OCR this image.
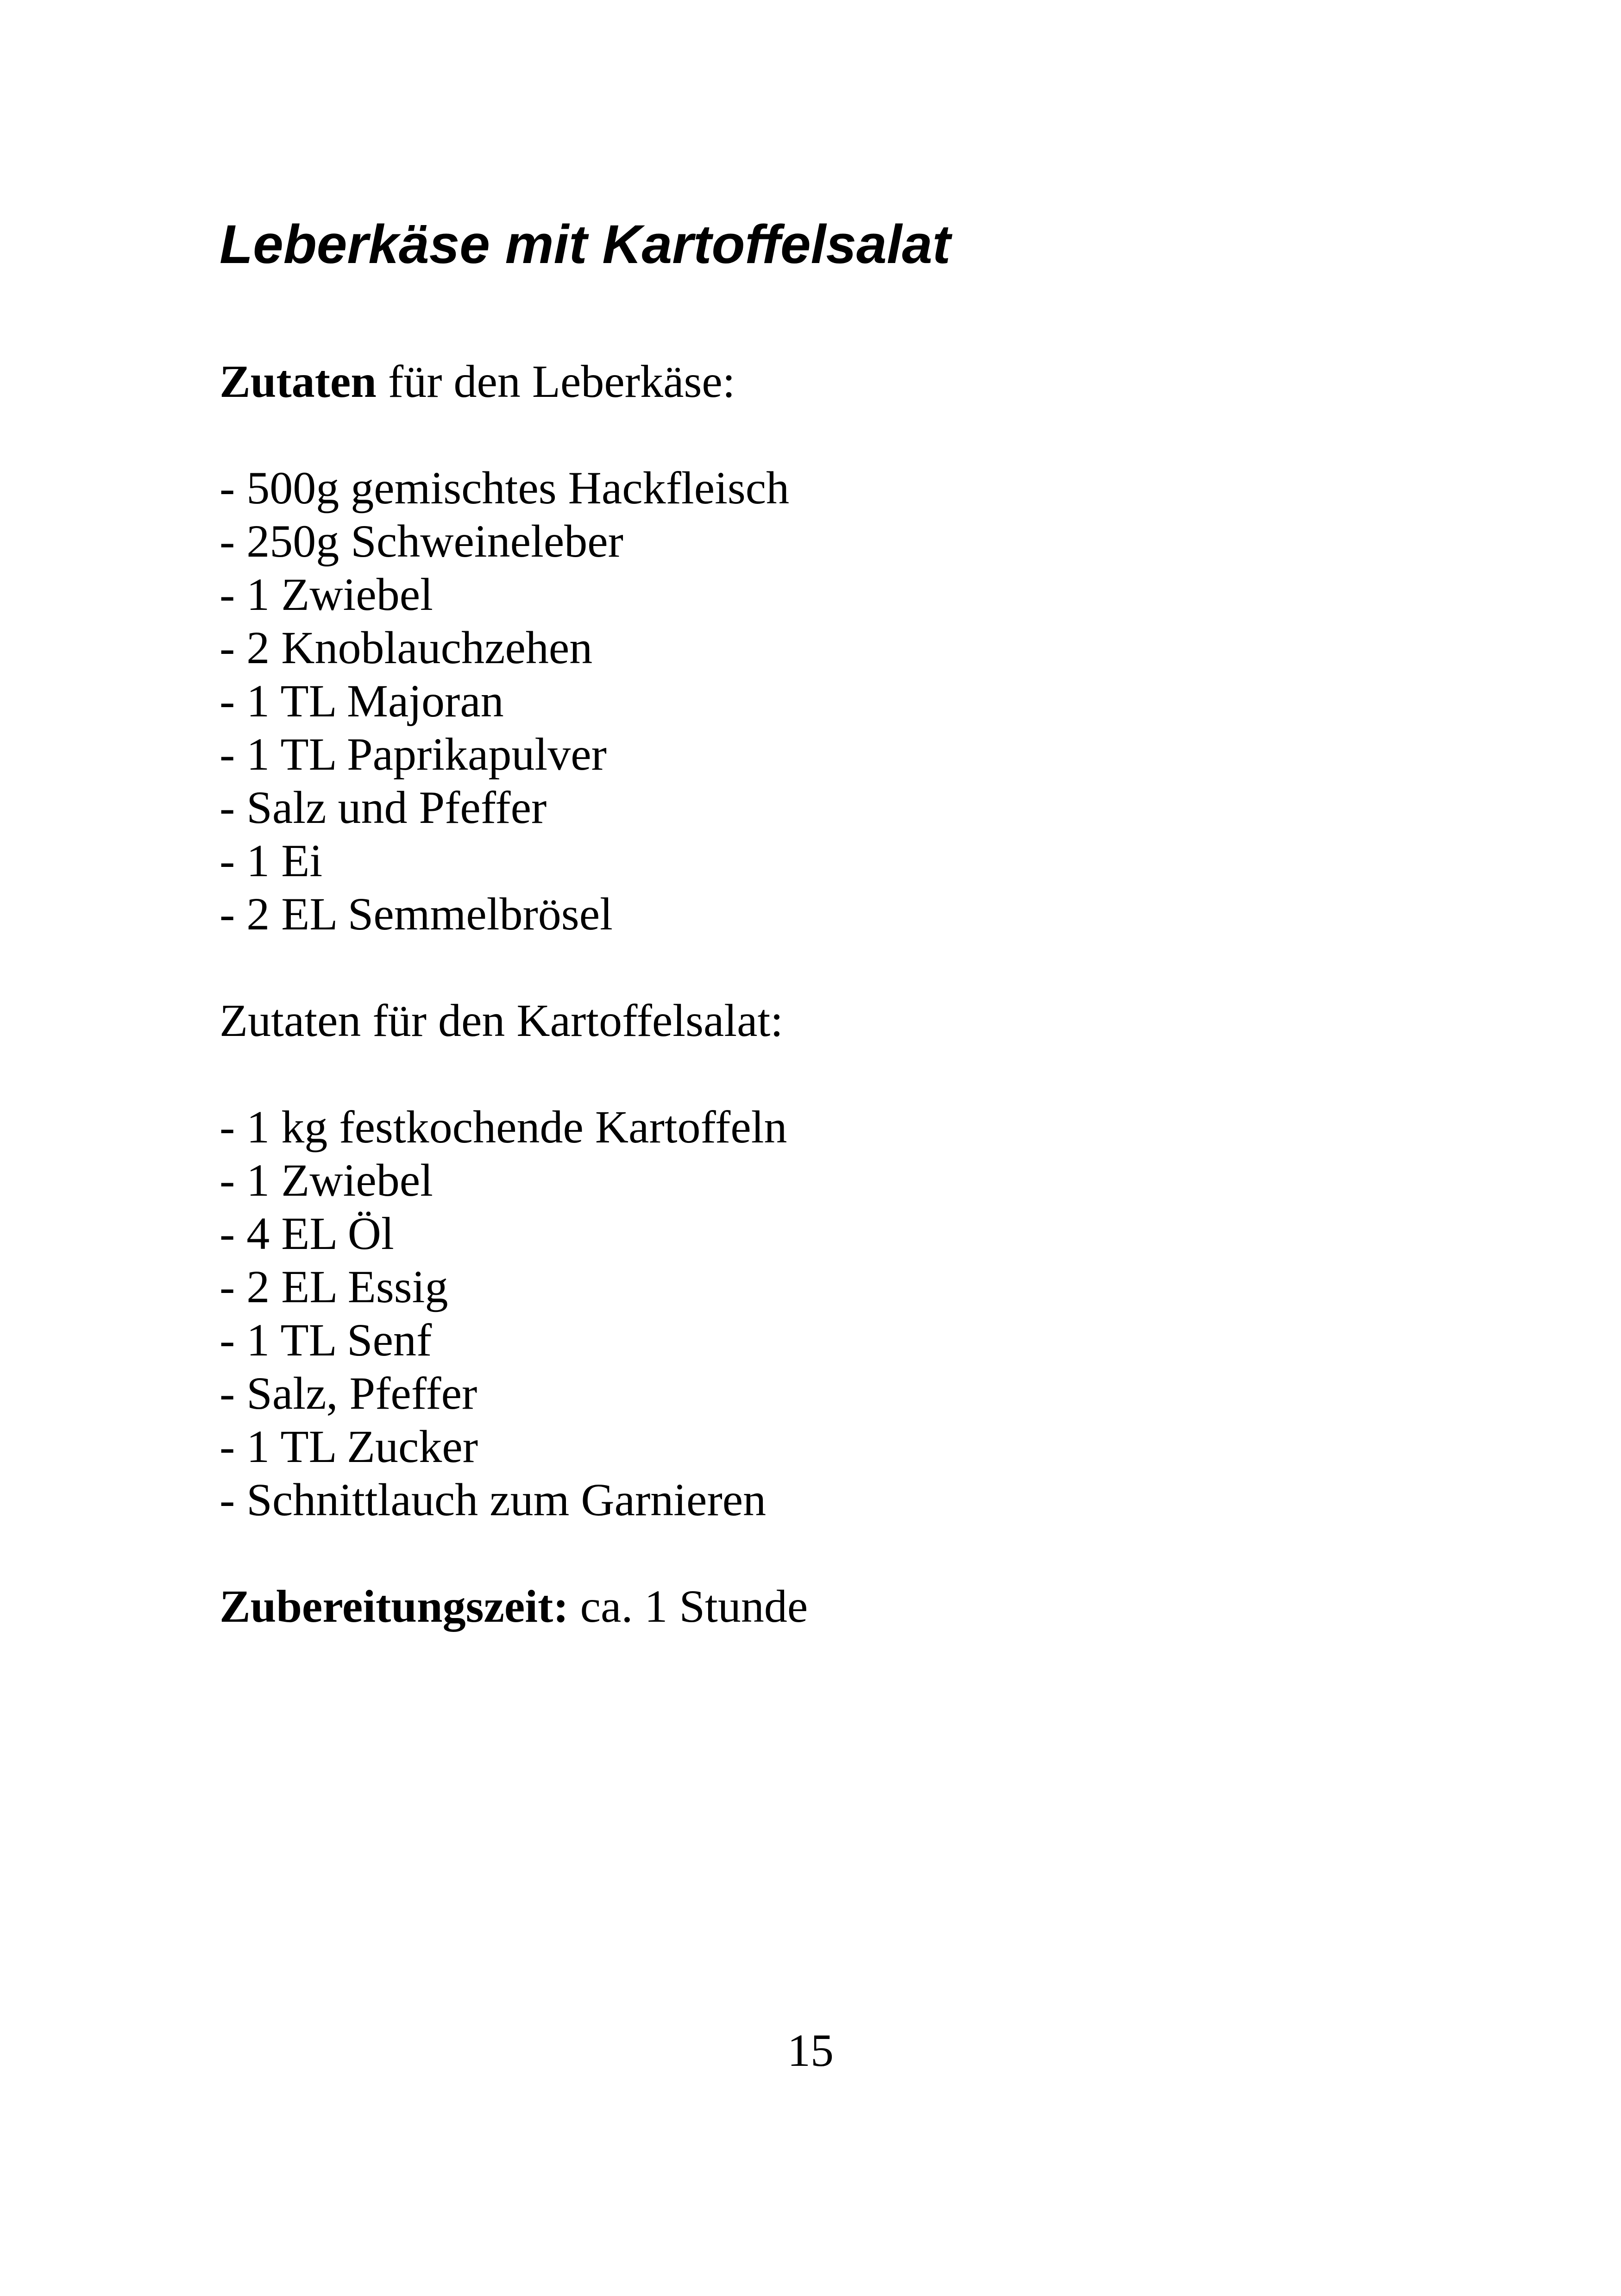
Leberkäse mit Kartoffelsalat
Zutaten für den Leberkäse:
- 500g gemischtes Hackfleisch
- 250g Schweineleber
- 1 Zwiebel
- 2 Knoblauchzehen
- 1 TL Majoran
- 1 TL Paprikapulver
- Salz und Pfeffer
- 1 Ei
- 2 EL Semmelbrösel
Zutaten für den Kartoffelsalat:
- 1 kg festkochende Kartoffeln
- 1 Zwiebel
- 4 EL Öl
- 2 EL Essig
- 1 TL Senf
- Salz, Pfeffer
- 1 TL Zucker
- Schnittlauch zum Garnieren
Zubereitungszeit: ca. 1 Stunde
15
